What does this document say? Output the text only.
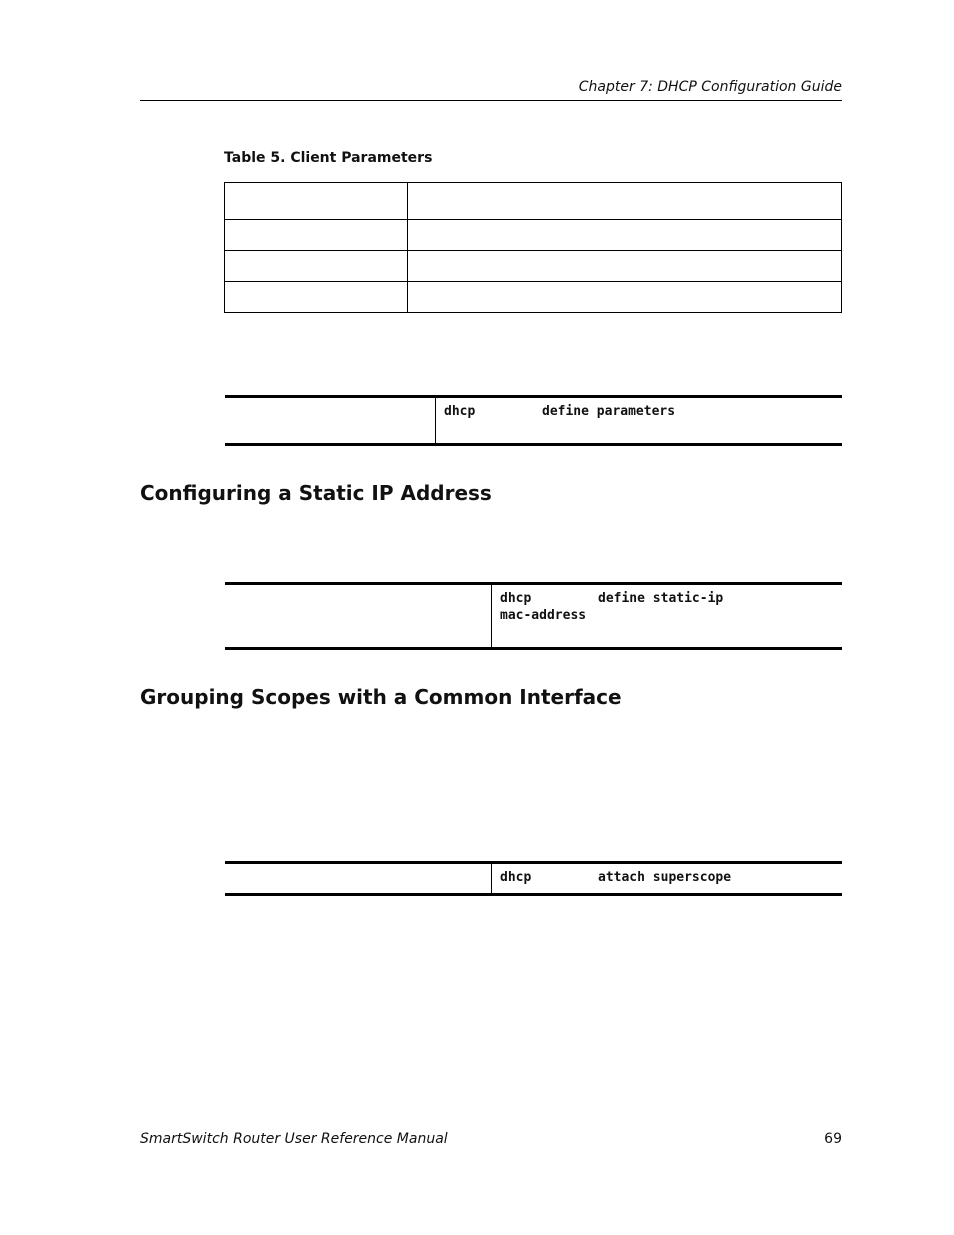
Chapter 7: DHCP Configuration Guide
Table 5. Client Parameters

dhcp	define parameters
Configuring a Static IP Address
dhcp	define static-ip
mac-address
Grouping Scopes with a Common Interface
dhcp	attach superscope
SmartSwitch Router User Reference Manual	69
